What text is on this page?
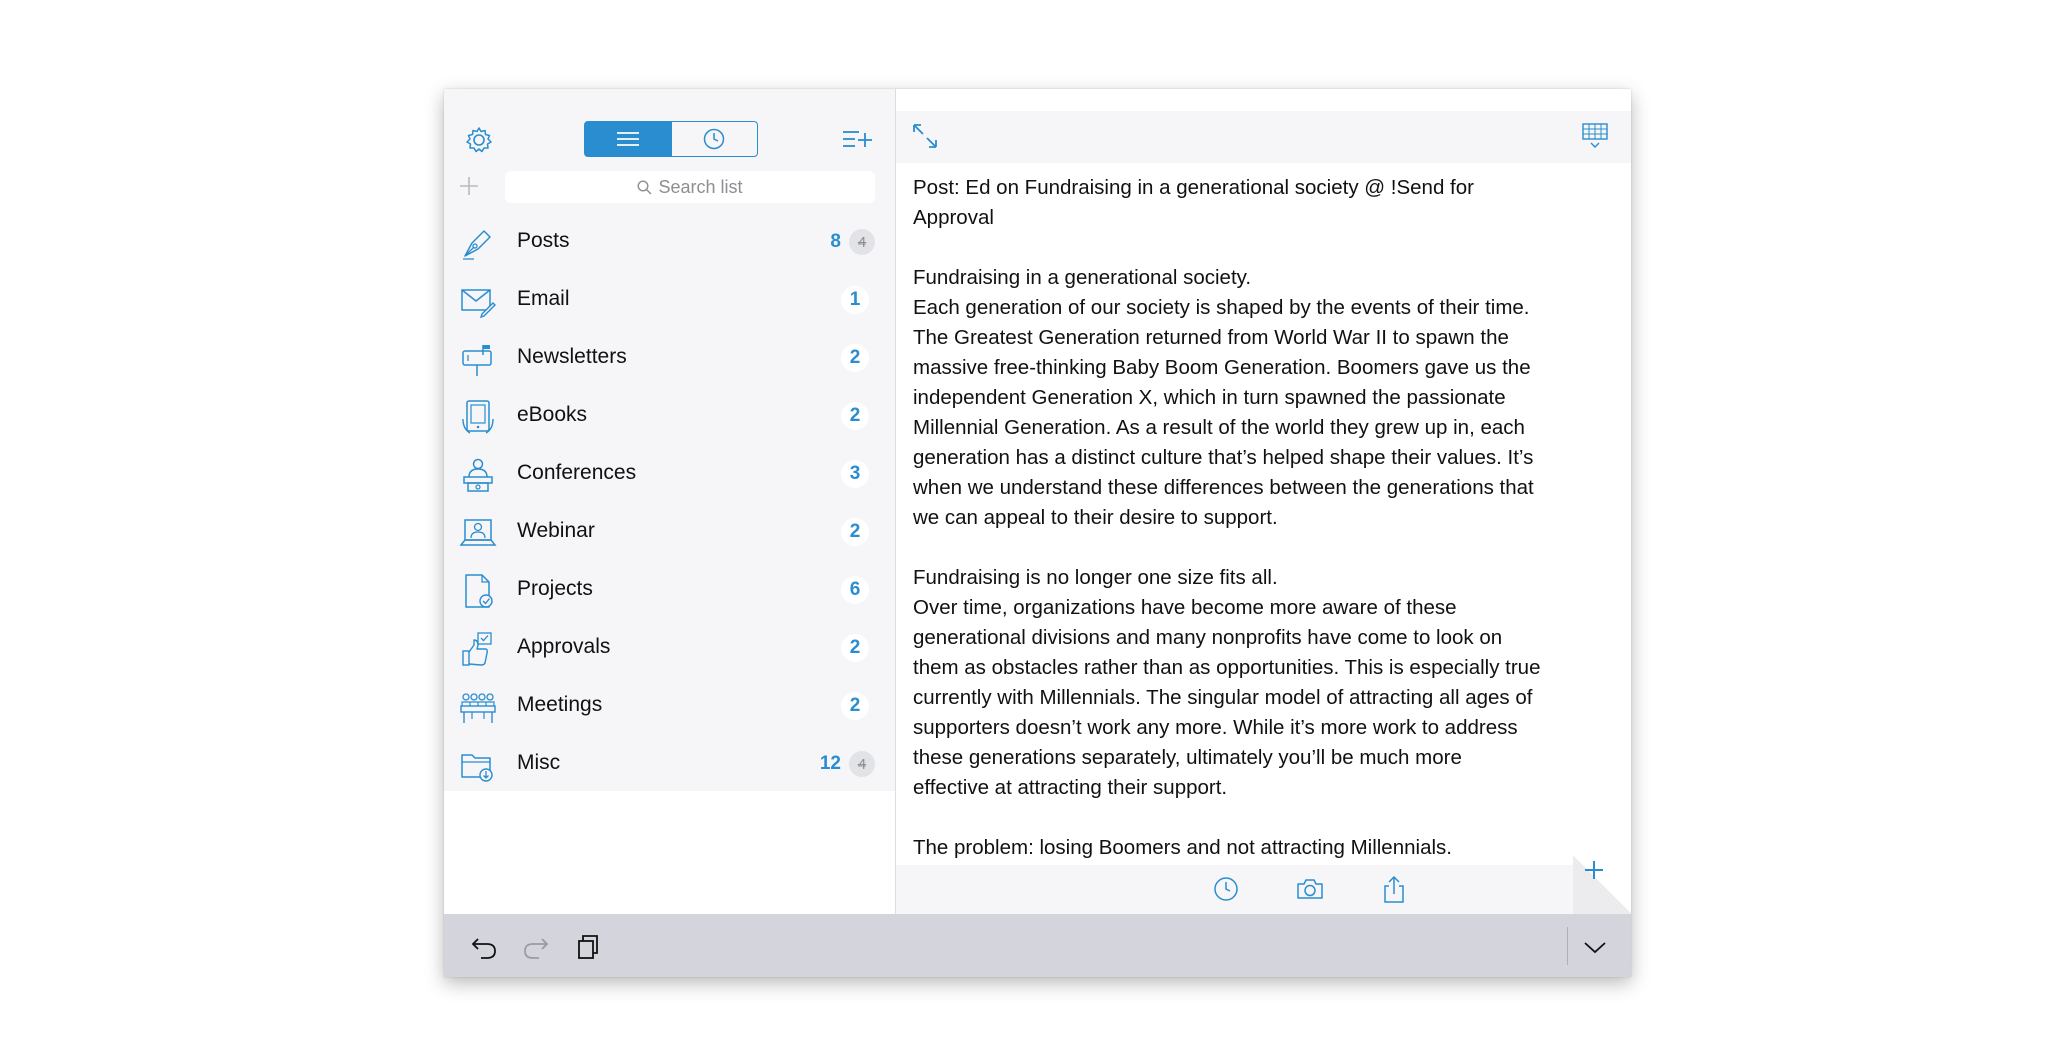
Search list
Posts	8	4
Email	1
Newsletters	2
eBooks	2
Conferences	3
Webinar	2
Projects	6
Approvals	2
Meetings	2
Misc	12	4

Post: Ed on Fundraising in a generational society @ !Send for

Approval

Fundraising in a generational society.

Each generation of our society is shaped by the events of their time.

The Greatest Generation returned from World War II to spawn the

massive free-thinking Baby Boom Generation. Boomers gave us the

independent Generation X, which in turn spawned the passionate

Millennial Generation. As a result of the world they grew up in, each

generation has a distinct culture that’s helped shape their values. It’s

when we understand these differences between the generations that

we can appeal to their desire to support.

Fundraising is no longer one size fits all.

Over time, organizations have become more aware of these

generational divisions and many nonprofits have come to look on

them as obstacles rather than as opportunities. This is especially true

currently with Millennials. The singular model of attracting all ages of

supporters doesn’t work any more. While it’s more work to address

these generations separately, ultimately you’ll be much more

effective at attracting their support.

The problem: losing Boomers and not attracting Millennials.
